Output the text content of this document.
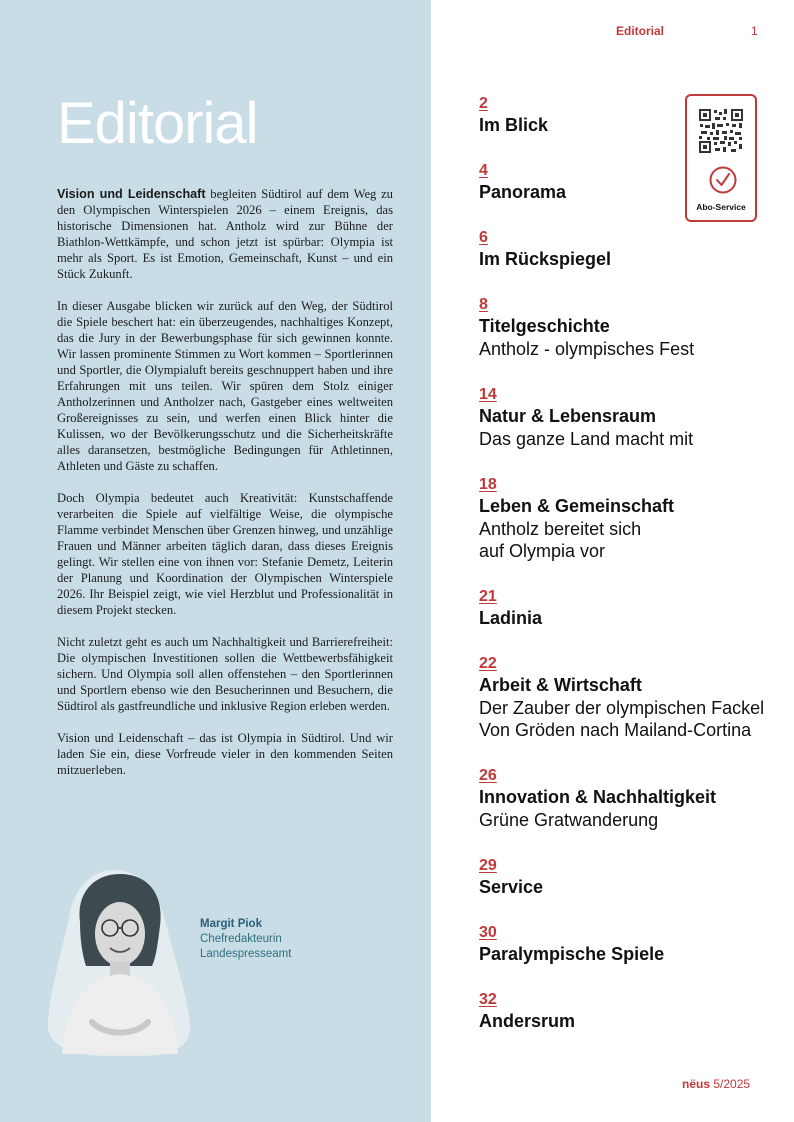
Editorial

Vision und Leidenschaft begleiten Südtirol auf dem Weg zu den Olympischen Winterspielen 2026 – einem Ereignis, das historische Dimensionen hat. Antholz wird zur Bühne der Biathlon-Wettkämpfe, und schon jetzt ist spürbar: Olympia ist mehr als Sport. Es ist Emotion, Gemeinschaft, Kunst – und ein Stück Zukunft.

In dieser Ausgabe blicken wir zurück auf den Weg, der Südtirol die Spiele beschert hat: ein überzeugendes, nachhaltiges Konzept, das die Jury in der Bewerbungsphase für sich gewinnen konnte. Wir lassen prominente Stimmen zu Wort kommen – Sportlerinnen und Sportler, die Olympialuft bereits geschnuppert haben und ihre Erfahrungen mit uns teilen. Wir spüren dem Stolz einiger Antholzerinnen und Antholzer nach, Gastgeber eines weltweiten Großereignisses zu sein, und werfen einen Blick hinter die Kulissen, wo der Bevölkerungsschutz und die Sicherheitskräfte alles daransetzen, bestmögliche Bedingungen für Athletinnen, Athleten und Gäste zu schaffen.

Doch Olympia bedeutet auch Kreativität: Kunstschaffende verarbeiten die Spiele auf vielfältige Weise, die olympische Flamme verbindet Menschen über Grenzen hinweg, und unzählige Frauen und Männer arbeiten täglich daran, dass dieses Ereignis gelingt. Wir stellen eine von ihnen vor: Stefanie Demetz, Leiterin der Planung und Koordination der Olympischen Winterspiele 2026. Ihr Beispiel zeigt, wie viel Herzblut und Professionalität in diesem Projekt stecken.

Nicht zuletzt geht es auch um Nachhaltigkeit und Barrierefreiheit: Die olympischen Investitionen sollen die Wettbewerbsfähigkeit sichern. Und Olympia soll allen offenstehen – den Sportlerinnen und Sportlern ebenso wie den Besucherinnen und Besuchern, die Südtirol als gastfreundliche und inklusive Region erleben werden.

Vision und Leidenschaft – das ist Olympia in Südtirol. Und wir laden Sie ein, diese Vorfreude vieler in den kommenden Seiten mitzuerleben.

Margit Piok
Chefredakteurin
Landespresseamt
Editorial	1
2
Im Blick
4
Panorama
6
Im Rückspiegel
8
Titelgeschichte
Antholz - olympisches Fest
14
Natur & Lebensraum
Das ganze Land macht mit
18
Leben & Gemeinschaft
Antholz bereitet sich
auf Olympia vor
21
Ladinia
22
Arbeit & Wirtschaft
Der Zauber der olympischen Fackel
Von Gröden nach Mailand-Cortina
26
Innovation & Nachhaltigkeit
Grüne Gratwanderung
29
Service
30
Paralympische Spiele
32
Andersrum
Abo-Service
nëus 5/2025
